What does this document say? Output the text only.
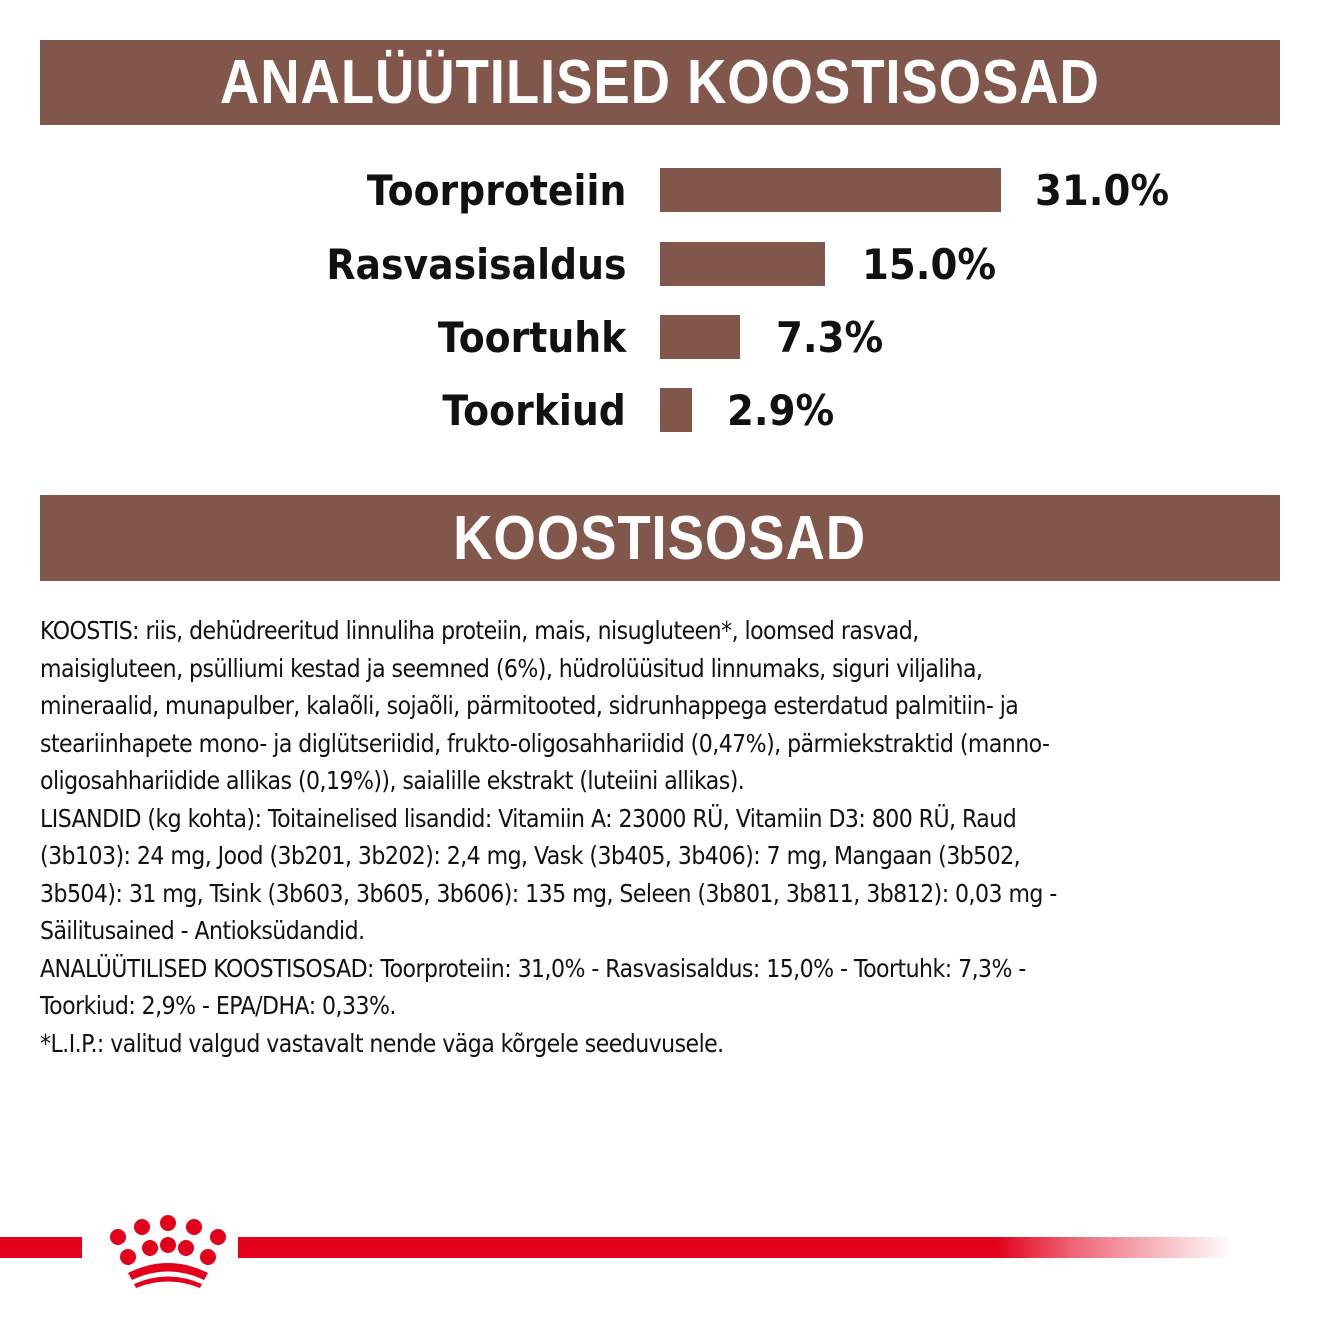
ANALÜÜTILISED KOOSTISOSAD
Toorproteiin	31.0%
Rasvasisaldus	15.0%
Toortuhk	7.3%
Toorkiud 2.9%
KOOSTISOSAD
KOOSTIS: riis, dehüdreeritud linnuliha proteiin, mais, nisugluteen*, loomsed rasvad,
maisigluteen, psülliumi kestad ja seemned (6%), hüdrolüüsitud linnumaks, siguri viljaliha,
mineraalid, munapulber, kalaõli, sojaõli, pärmitooted, sidrunhappega esterdatud palmitiin- ja
steariinhapete mono- ja diglütseriidid, frukto-oligosahhariidid (0,47%), pärmiekstraktid (manno-
oligosahhariidide allikas (0,19%)), saialille ekstrakt (luteiini allikas).
LISANDID (kg kohta): Toitainelised lisandid: Vitamiin A: 23000 RÜ, Vitamiin D3: 800 RÜ, Raud
(3b103): 24 mg, Jood (3b201, 3b202): 2,4 mg, Vask (3b405, 3b406): 7 mg, Mangaan (3b502,
3b504): 31 mg, Tsink (3b603, 3b605, 3b606): 135 mg, Seleen (3b801, 3b811, 3b812): 0,03 mg -
Säilitusained - Antioksüdandid.
ANALÜÜTILISED KOOSTISOSAD: Toorproteiin: 31,0% - Rasvasisaldus: 15,0% - Toortuhk: 7,3% -
Toorkiud: 2,9% - EPA/DHA: 0,33%.
*L.I.P.: valitud valgud vastavalt nende väga kõrgele seeduvusele.
